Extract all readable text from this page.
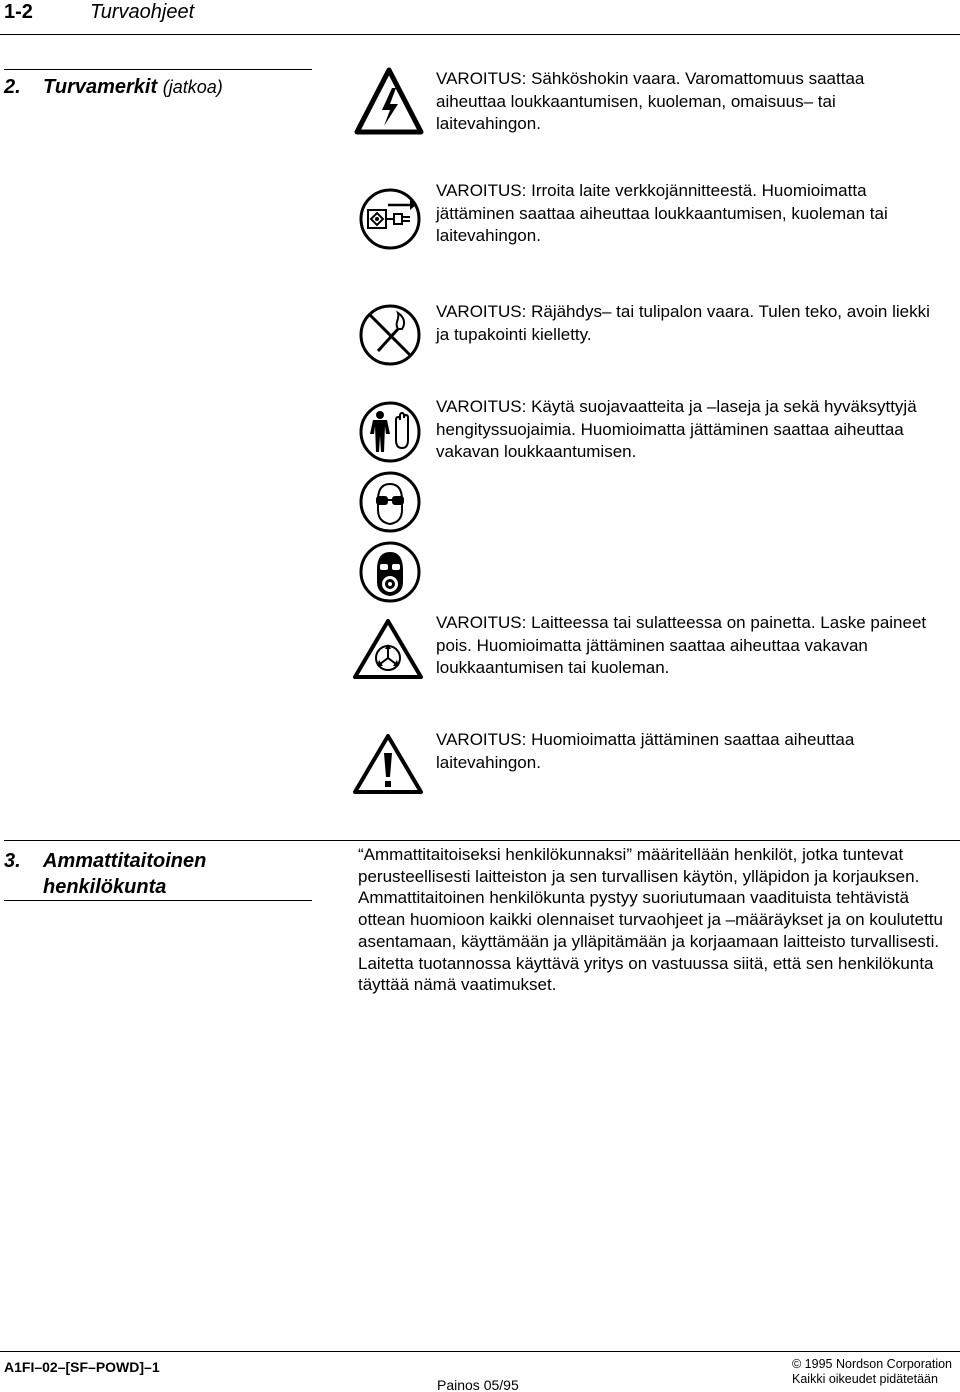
1-2	Turvaohjeet
2. Turvamerkit (jatkoa)	VAROITUS: Sähköshokin vaara. Varomattomuus saattaa aiheuttaa loukkaantumisen, kuoleman, omaisuus– tai laitevahingon.
VAROITUS: Irroita laite verkkojännitteestä. Huomioimatta jättäminen saattaa aiheuttaa loukkaantumisen, kuoleman tai laitevahingon.
VAROITUS: Räjähdys– tai tulipalon vaara. Tulen teko, avoin liekki ja tupakointi kielletty.
VAROITUS: Käytä suojavaatteita ja –laseja ja sekä hyväksyttyjä hengityssuojaimia. Huomioimatta jättäminen saattaa aiheuttaa vakavan loukkaantumisen.
VAROITUS: Laitteessa tai sulatteessa on painetta. Laske paineet pois. Huomioimatta jättäminen saattaa aiheuttaa vakavan loukkaantumisen tai kuoleman.
VAROITUS: Huomioimatta jättäminen saattaa aiheuttaa laitevahingon.
3. Ammattitaitoinen henkilökunta
“Ammattitaitoiseksi henkilökunnaksi” määritellään henkilöt, jotka tuntevat perusteellisesti laitteiston ja sen turvallisen käytön, ylläpidon ja korjauksen. Ammattitaitoinen henkilökunta pystyy suoriutumaan vaadituista tehtävistä ottean huomioon kaikki olennaiset turvaohjeet ja –määräykset ja on koulutettu asentamaan, käyttämään ja ylläpitämään ja korjaamaan laitteisto turvallisesti. Laitetta tuotannossa käyttävä yritys on vastuussa siitä, että sen henkilökunta täyttää nämä vaatimukset.
A1FI–02–[SF–POWD]–1
Painos 05/95
© 1995 Nordson Corporation
Kaikki oikeudet pidätetään
